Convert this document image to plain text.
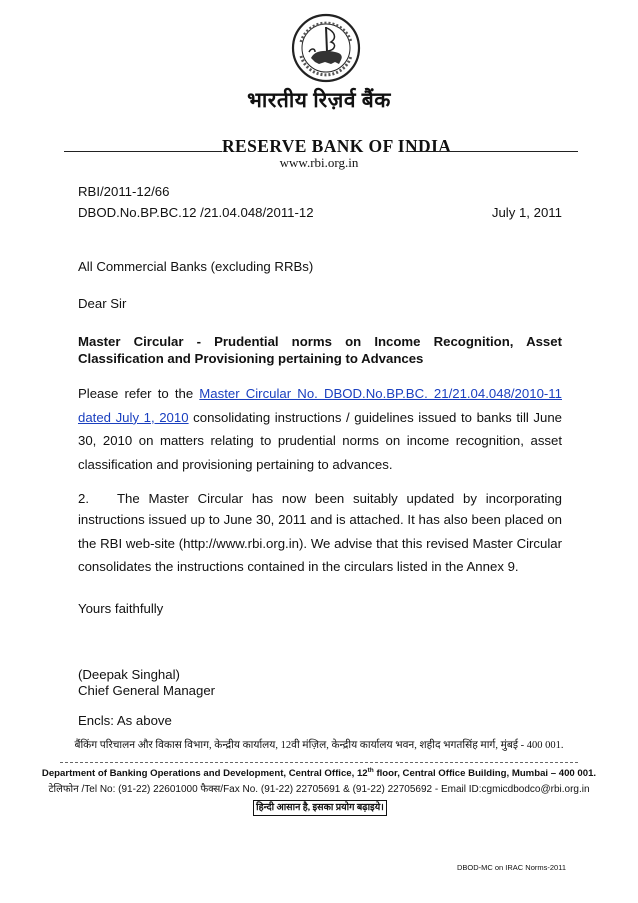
भारतीय रिज़र्व बैंक
RESERVE BANK OF INDIA
www.rbi.org.in
RBI/2011-12/66
DBOD.No.BP.BC.12 /21.04.048/2011-12	July 1, 2011
All Commercial Banks (excluding RRBs)
Dear Sir
Master Circular - Prudential norms on Income Recognition, Asset
Classification and Provisioning pertaining to Advances
Please refer to the Master Circular No. DBOD.No.BP.BC. 21/21.04.048/2010-11 dated July 1, 2010 consolidating instructions / guidelines issued to banks till June 30, 2010 on matters relating to prudential norms on income recognition, asset classification and provisioning pertaining to advances.
2. The Master Circular has now been suitably updated by incorporating
instructions issued up to June 30, 2011 and is attached. It has also been placed on the RBI web-site (http://www.rbi.org.in). We advise that this revised Master Circular consolidates the instructions contained in the circulars listed in the Annex 9.
Yours faithfully
(Deepak Singhal)
Chief General Manager
Encls: As above
बैंकिंग परिचालन और विकास विभाग, केन्द्रीय कार्यालय, 12वी मंज़िल, केन्द्रीय कार्यालय भवन, शहीद भगतसिंह मार्ग, मुंबई - 400 001.
Department of Banking Operations and Development, Central Office, 12th floor, Central Office Building, Mumbai – 400 001.
टेलिफोन /Tel No: (91-22) 22601000 फैक्स/Fax No. (91-22) 22705691 & (91-22) 22705692 - Email ID:cgmicdbodco@rbi.org.in
हिन्दी आसान है, इसका प्रयोग बढ़ाइये।
DBOD-MC on IRAC Norms-2011
